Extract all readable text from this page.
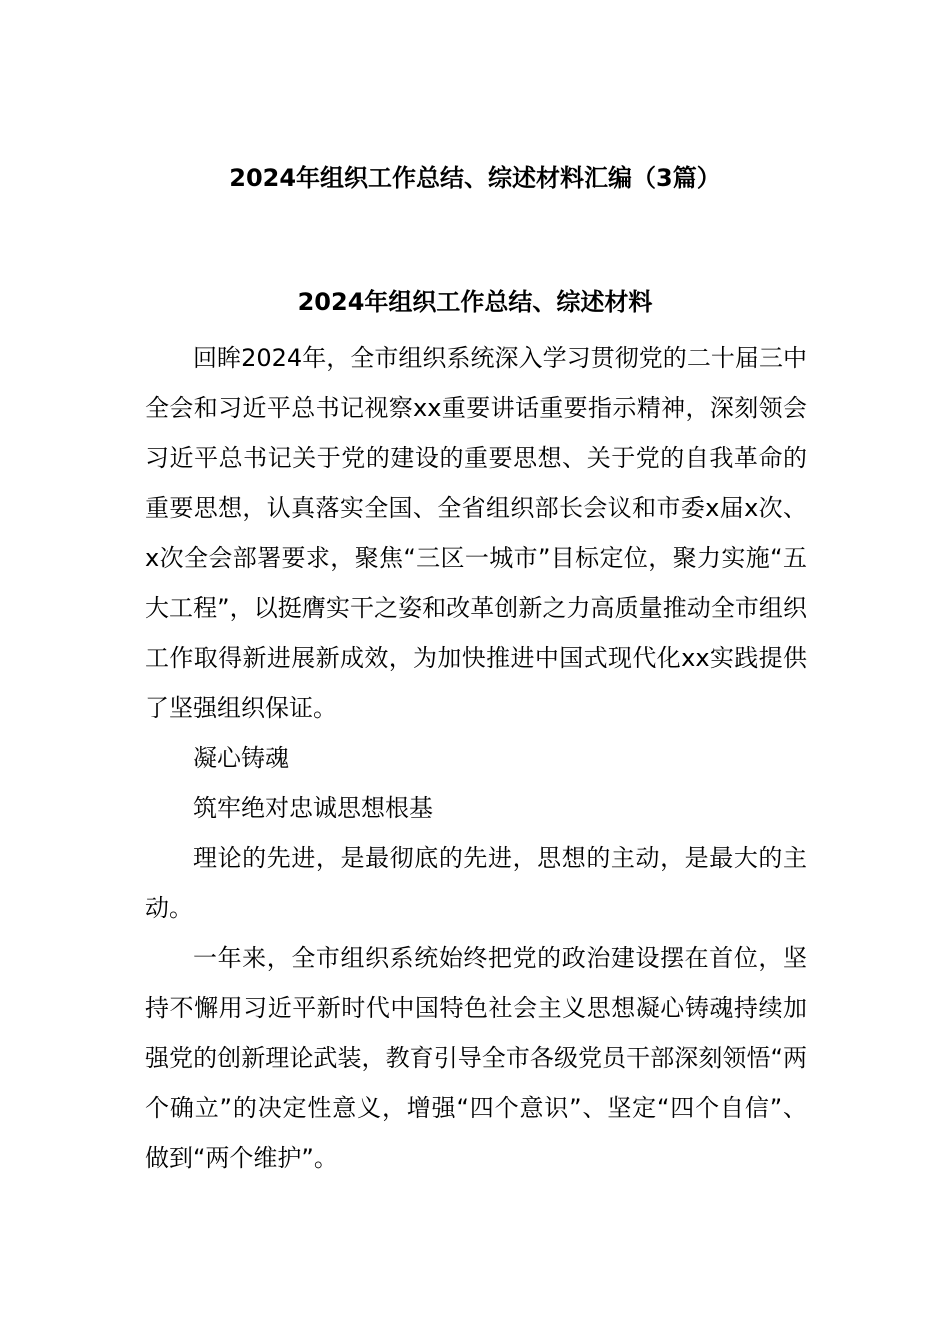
2024年组织工作总结、综述材料汇编（3篇）
2024年组织工作总结、综述材料

回眸2024年，全市组织系统深入学习贯彻党的二十届三中全会和习近平总书记视察xx重要讲话重要指示精神，深刻领会习近平总书记关于党的建设的重要思想、关于党的自我革命的重要思想，认真落实全国、全省组织部长会议和市委x届x次、x次全会部署要求，聚焦“三区一城市”目标定位，聚力实施“五大工程”，以挺膺实干之姿和改革创新之力高质量推动全市组织工作取得新进展新成效，为加快推进中国式现代化xx实践提供了坚强组织保证。

凝心铸魂

筑牢绝对忠诚思想根基

理论的先进，是最彻底的先进，思想的主动，是最大的主动。

一年来，全市组织系统始终把党的政治建设摆在首位，坚持不懈用习近平新时代中国特色社会主义思想凝心铸魂持续加强党的创新理论武装，教育引导全市各级党员干部深刻领悟“两个确立”的决定性意义，增强“四个意识”、坚定“四个自信”、做到“两个维护”。
